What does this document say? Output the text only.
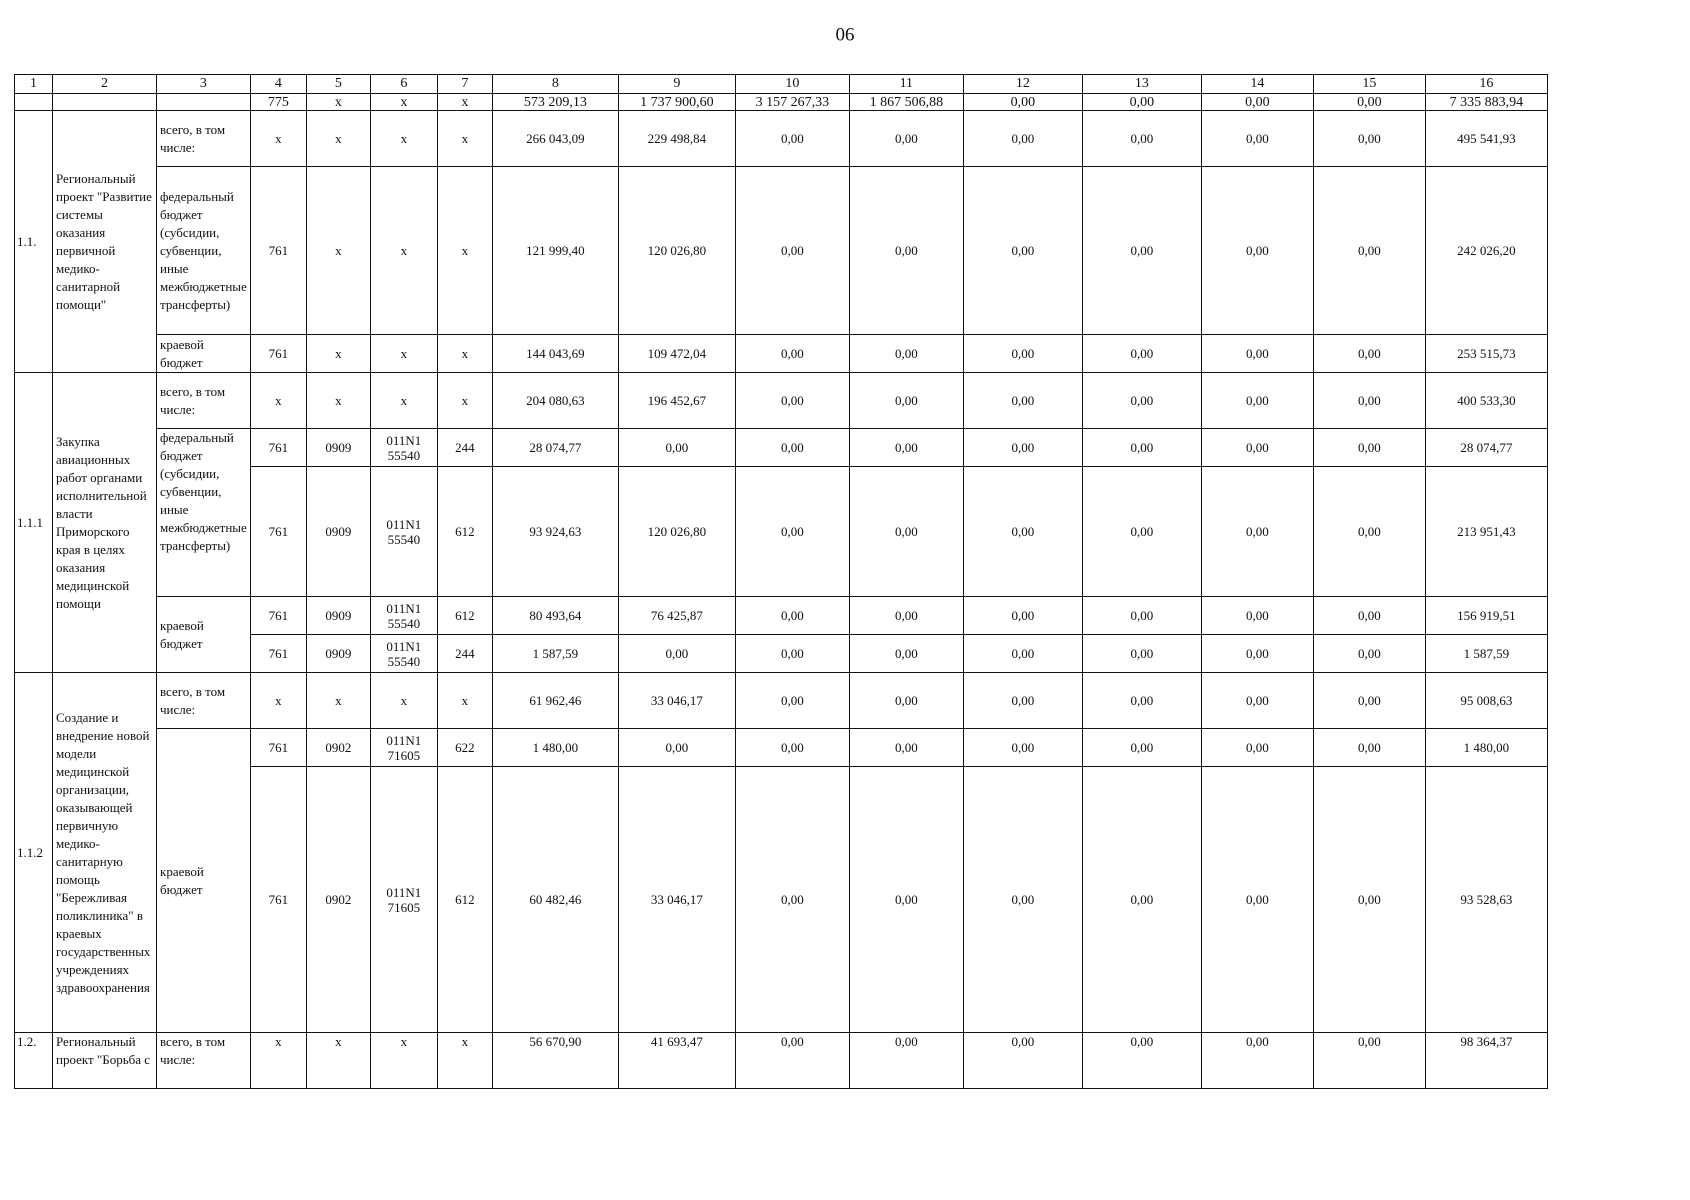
90
1	2	3	4	5	6	7	8	9	10	11	12	13	14	15	16
			775	x	x	x	573 209,13	1 737 900,60	3 157 267,33	1 867 506,88	0,00	0,00	0,00	0,00	7 335 883,94
1.1.	Региональный проект "Развитие системы оказания первичной медико-санитарной помощи"	всего, в том числе:	x	x	x	x	266 043,09	229 498,84	0,00	0,00	0,00	0,00	0,00	0,00	495 541,93
		федеральный бюджет (субсидии, субвенции, иные межбюджетные трансферты)	761	x	x	x	121 999,40	120 026,80	0,00	0,00	0,00	0,00	0,00	0,00	242 026,20
		краевой бюджет	761	x	x	x	144 043,69	109 472,04	0,00	0,00	0,00	0,00	0,00	0,00	253 515,73
1.1.1	Закупка авиационных работ органами исполнительной власти Приморского края в целях оказания медицинской помощи	всего, в том числе:	x	x	x	x	204 080,63	196 452,67	0,00	0,00	0,00	0,00	0,00	0,00	400 533,30
		федеральный бюджет (субсидии, субвенции, иные межбюджетные трансферты)	761	0909	011N1 55540	244	28 074,77	0,00	0,00	0,00	0,00	0,00	0,00	0,00	28 074,77
			761	0909	011N1 55540	612	93 924,63	120 026,80	0,00	0,00	0,00	0,00	0,00	0,00	213 951,43
		краевой бюджет	761	0909	011N1 55540	612	80 493,64	76 425,87	0,00	0,00	0,00	0,00	0,00	0,00	156 919,51
			761	0909	011N1 55540	244	1 587,59	0,00	0,00	0,00	0,00	0,00	0,00	0,00	1 587,59
1.1.2	Создание и внедрение новой модели медицинской организации, оказывающей первичную медико-санитарную помощь "Бережливая поликлиника" в краевых государственных учреждениях здравоохранения	всего, в том числе:	x	x	x	x	61 962,46	33 046,17	0,00	0,00	0,00	0,00	0,00	0,00	95 008,63
		краевой бюджет	761	0902	011N1 71605	622	1 480,00	0,00	0,00	0,00	0,00	0,00	0,00	0,00	1 480,00
			761	0902	011N1 71605	612	60 482,46	33 046,17	0,00	0,00	0,00	0,00	0,00	0,00	93 528,63
1.2.	Региональный проект "Борьба с	всего, в том числе:	x	x	x	x	56 670,90	41 693,47	0,00	0,00	0,00	0,00	0,00	0,00	98 364,37
